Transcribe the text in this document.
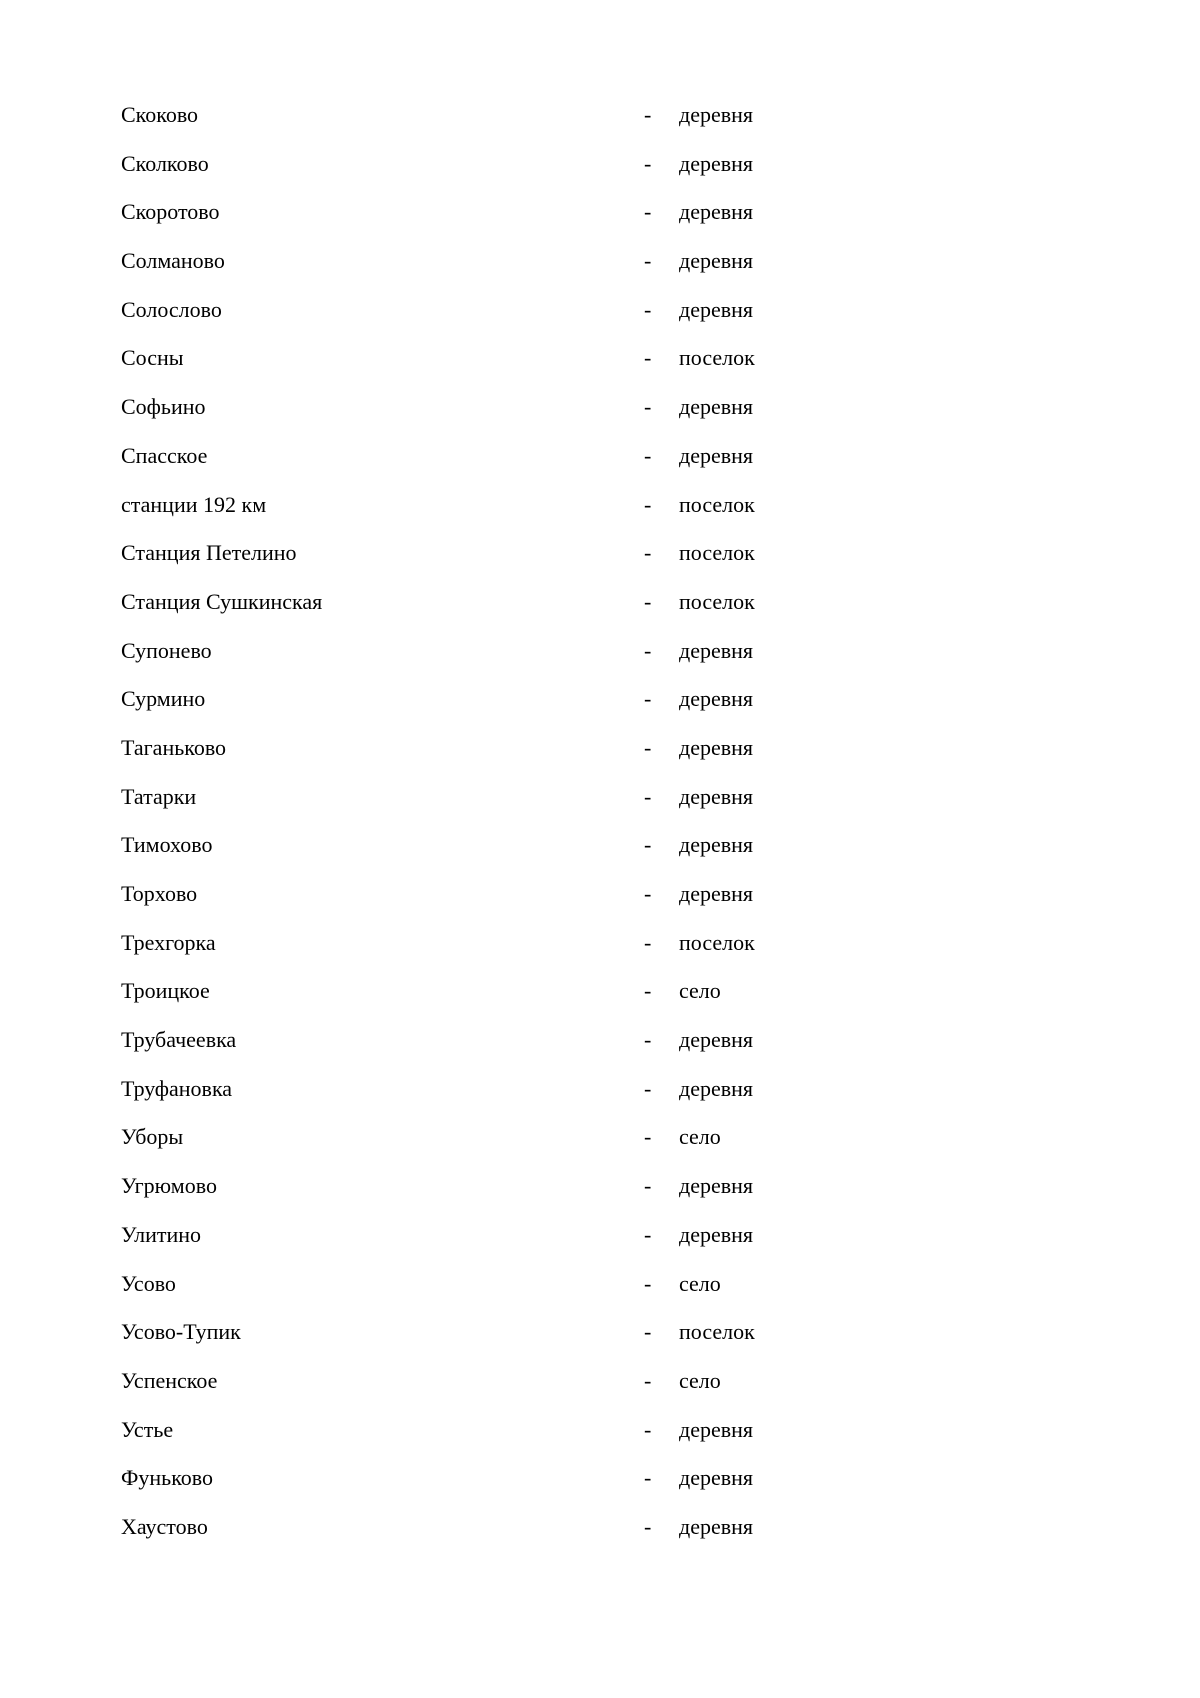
Скоково	- деревня
Сколково	- деревня
Скоротово	- деревня
Солманово	- деревня
Солослово	- деревня
Сосны	- поселок
Софьино	- деревня
Спасское	- деревня
станции 192 км	- поселок
Станция Петелино	- поселок
Станция Сушкинская	- поселок
Супонево	- деревня
Сурмино	- деревня
Таганьково	- деревня
Татарки	- деревня
Тимохово	- деревня
Торхово	- деревня
Трехгорка	- поселок
Троицкое	- село
Трубачеевка	- деревня
Труфановка	- деревня
Уборы	- село
Угрюмово	- деревня
Улитино	- деревня
Усово	- село
Усово-Тупик	- поселок
Успенское	- село
Устье	- деревня
Фуньково	- деревня
Хаустово	- деревня
